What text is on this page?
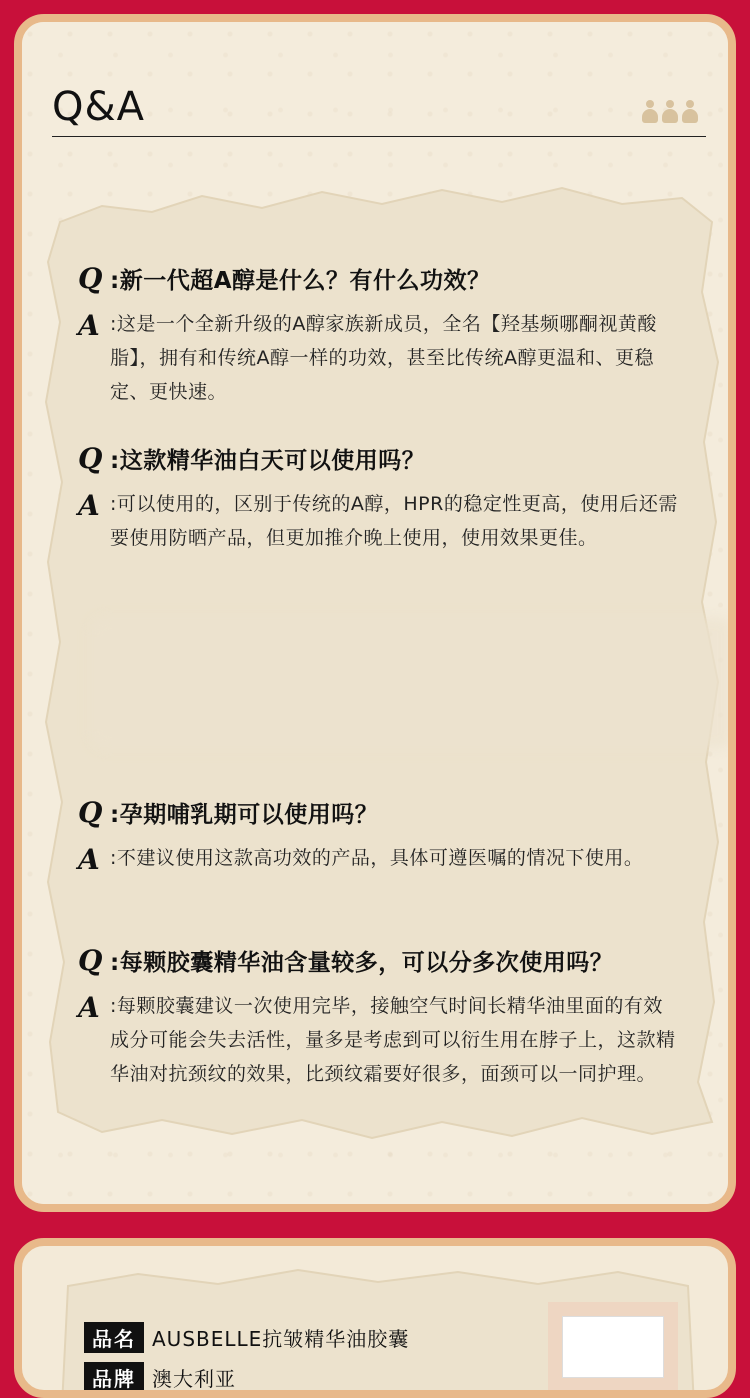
Q&A
Q :新一代超A醇是什么？有什么功效？
A :这是一个全新升级的A醇家族新成员，全名【羟基频哪酮视黄酸脂】，拥有和传统A醇一样的功效，甚至比传统A醇更温和、更稳定、更快速。
Q :这款精华油白天可以使用吗？
A :可以使用的，区别于传统的A醇，HPR的稳定性更高，使用后还需要使用防晒产品，但更加推介晚上使用，使用效果更佳。
Q :孕期哺乳期可以使用吗？
A :不建议使用这款高功效的产品，具体可遵医嘱的情况下使用。
Q :每颗胶囊精华油含量较多，可以分多次使用吗？
A :每颗胶囊建议一次使用完毕，接触空气时间长精华油里面的有效成分可能会失去活性，量多是考虑到可以衍生用在脖子上，这款精华油对抗颈纹的效果，比颈纹霜要好很多，面颈可以一同护理。
品名 AUSBELLE抗皱精华油胶囊
品牌 澳大利亚
